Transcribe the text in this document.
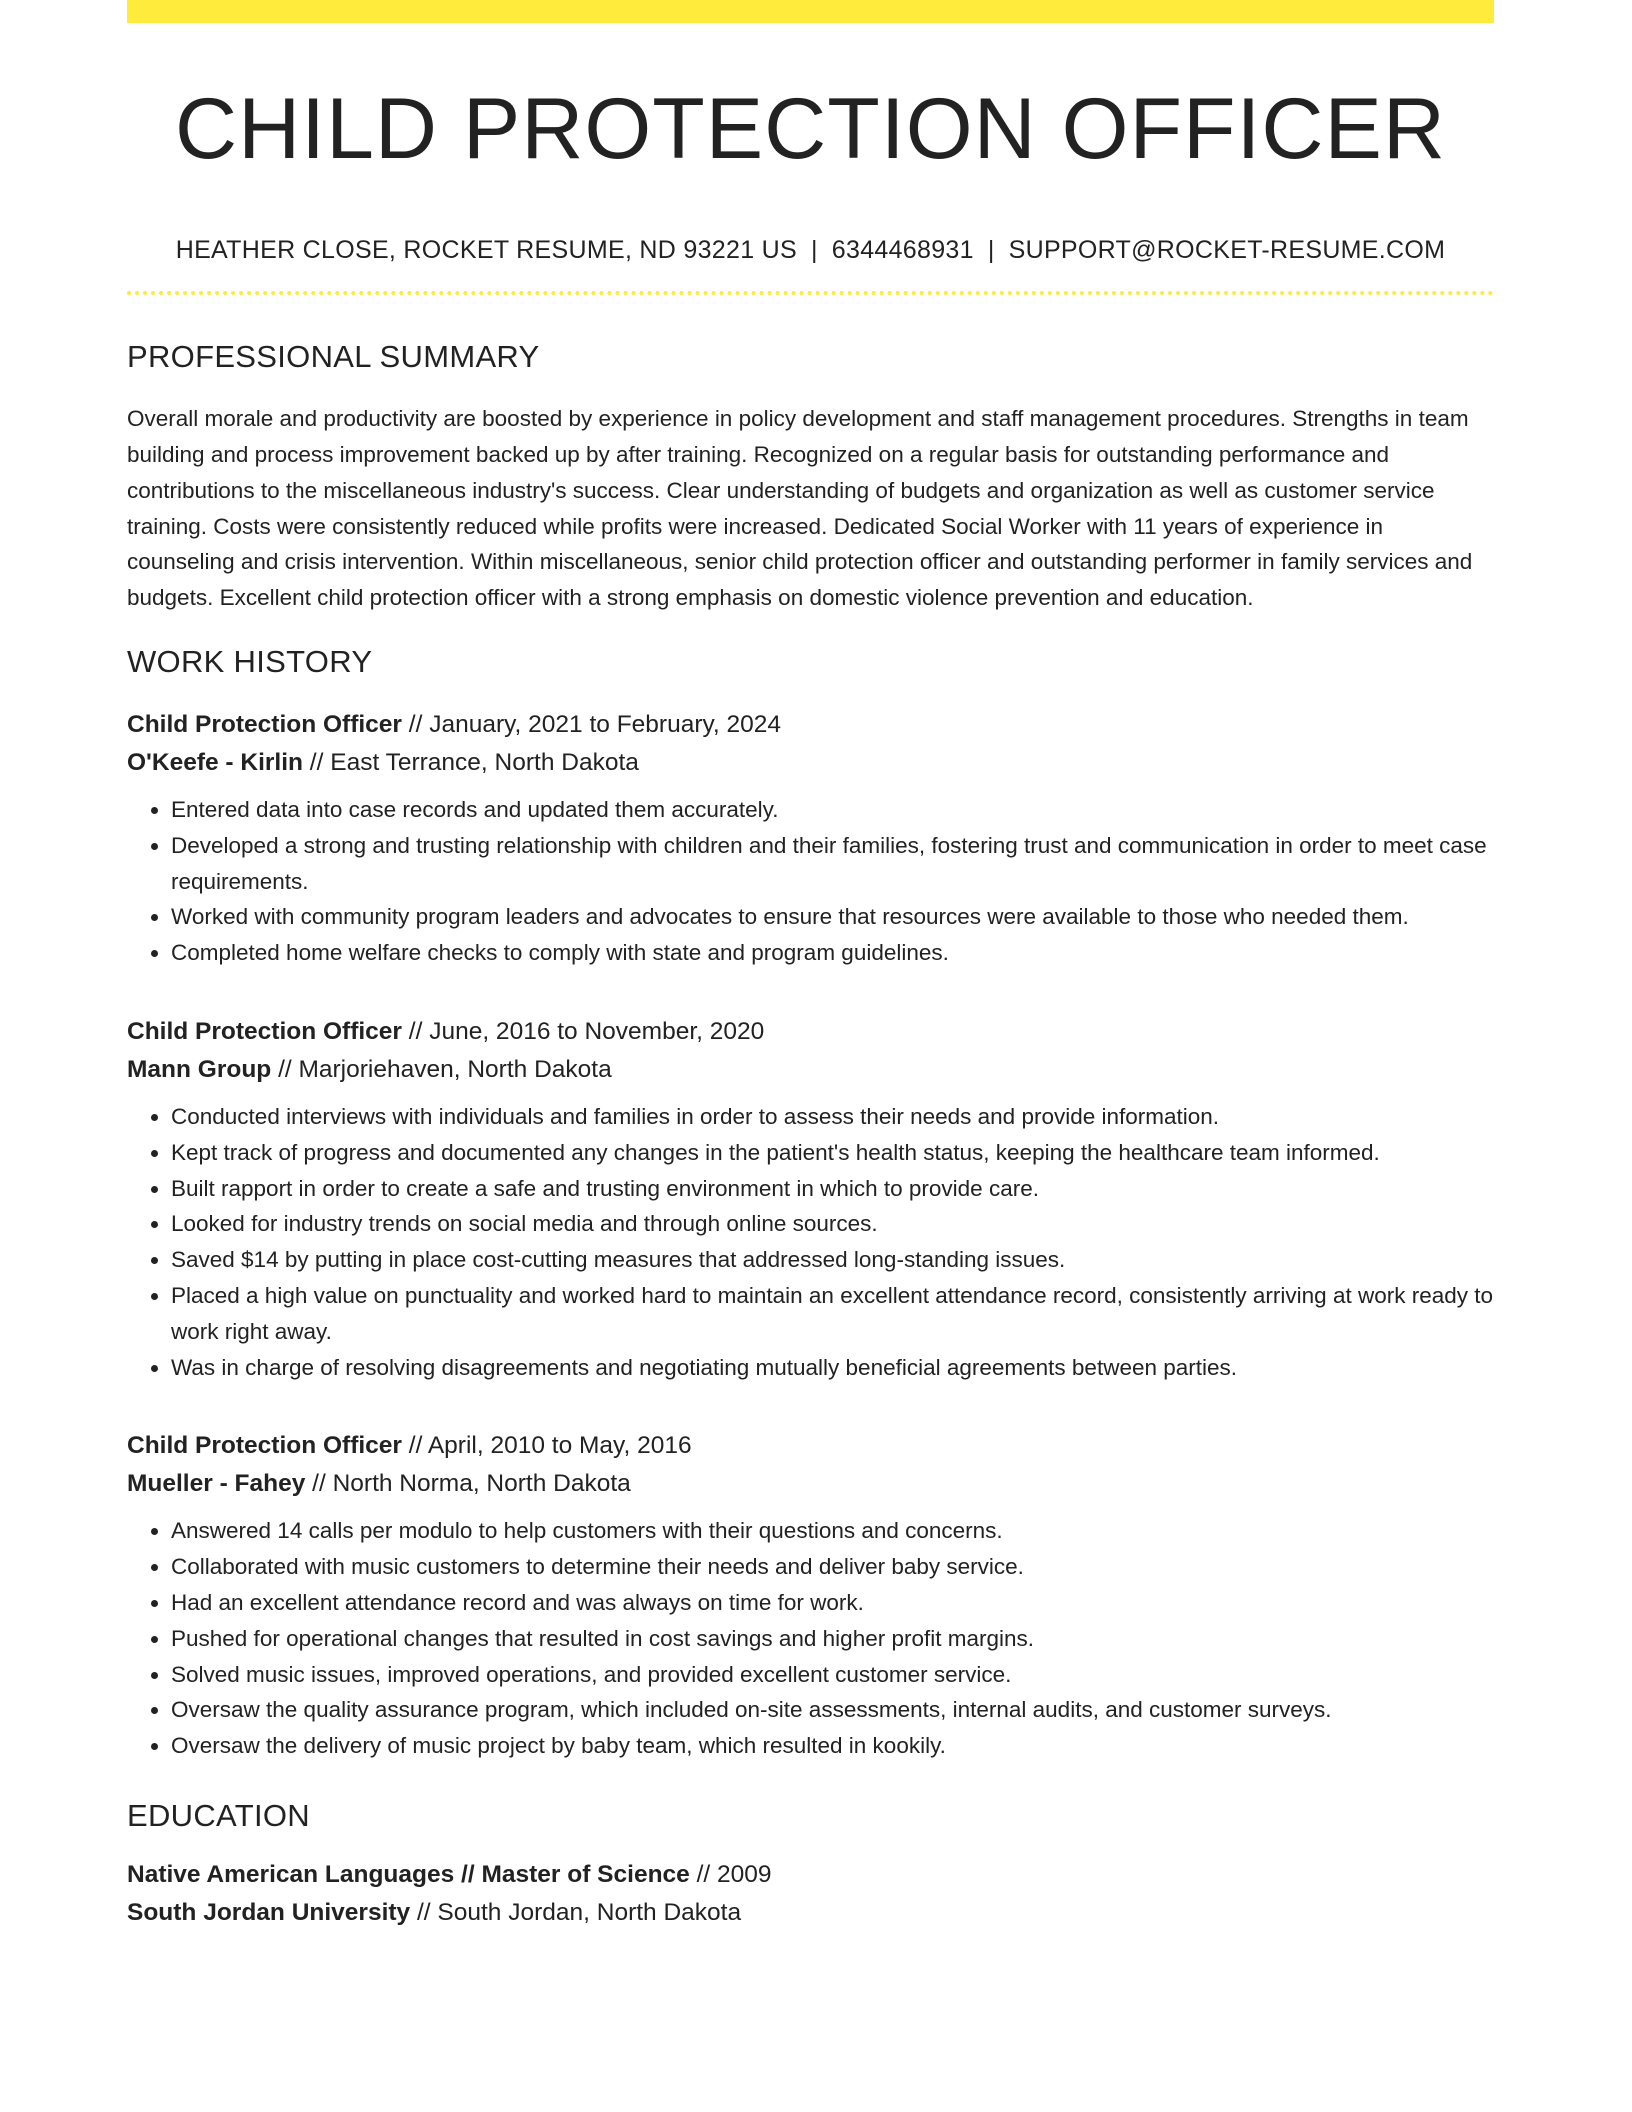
CHILD PROTECTION OFFICER
HEATHER CLOSE, ROCKET RESUME, ND 93221 US | 6344468931 | SUPPORT@ROCKET-RESUME.COM
PROFESSIONAL SUMMARY
Overall morale and productivity are boosted by experience in policy development and staff management procedures. Strengths in team building and process improvement backed up by after training. Recognized on a regular basis for outstanding performance and contributions to the miscellaneous industry's success. Clear understanding of budgets and organization as well as customer service training. Costs were consistently reduced while profits were increased. Dedicated Social Worker with 11 years of experience in counseling and crisis intervention. Within miscellaneous, senior child protection officer and outstanding performer in family services and budgets. Excellent child protection officer with a strong emphasis on domestic violence prevention and education.
WORK HISTORY
Child Protection Officer // January, 2021 to February, 2024
O'Keefe - Kirlin // East Terrance, North Dakota
• Entered data into case records and updated them accurately.
• Developed a strong and trusting relationship with children and their families, fostering trust and communication in order to meet case requirements.
• Worked with community program leaders and advocates to ensure that resources were available to those who needed them.
• Completed home welfare checks to comply with state and program guidelines.
Child Protection Officer // June, 2016 to November, 2020
Mann Group // Marjoriehaven, North Dakota
• Conducted interviews with individuals and families in order to assess their needs and provide information.
• Kept track of progress and documented any changes in the patient's health status, keeping the healthcare team informed.
• Built rapport in order to create a safe and trusting environment in which to provide care.
• Looked for industry trends on social media and through online sources.
• Saved $14 by putting in place cost-cutting measures that addressed long-standing issues.
• Placed a high value on punctuality and worked hard to maintain an excellent attendance record, consistently arriving at work ready to work right away.
• Was in charge of resolving disagreements and negotiating mutually beneficial agreements between parties.
Child Protection Officer // April, 2010 to May, 2016
Mueller - Fahey // North Norma, North Dakota
• Answered 14 calls per modulo to help customers with their questions and concerns.
• Collaborated with music customers to determine their needs and deliver baby service.
• Had an excellent attendance record and was always on time for work.
• Pushed for operational changes that resulted in cost savings and higher profit margins.
• Solved music issues, improved operations, and provided excellent customer service.
• Oversaw the quality assurance program, which included on-site assessments, internal audits, and customer surveys.
• Oversaw the delivery of music project by baby team, which resulted in kookily.
EDUCATION
Native American Languages // Master of Science // 2009
South Jordan University // South Jordan, North Dakota
